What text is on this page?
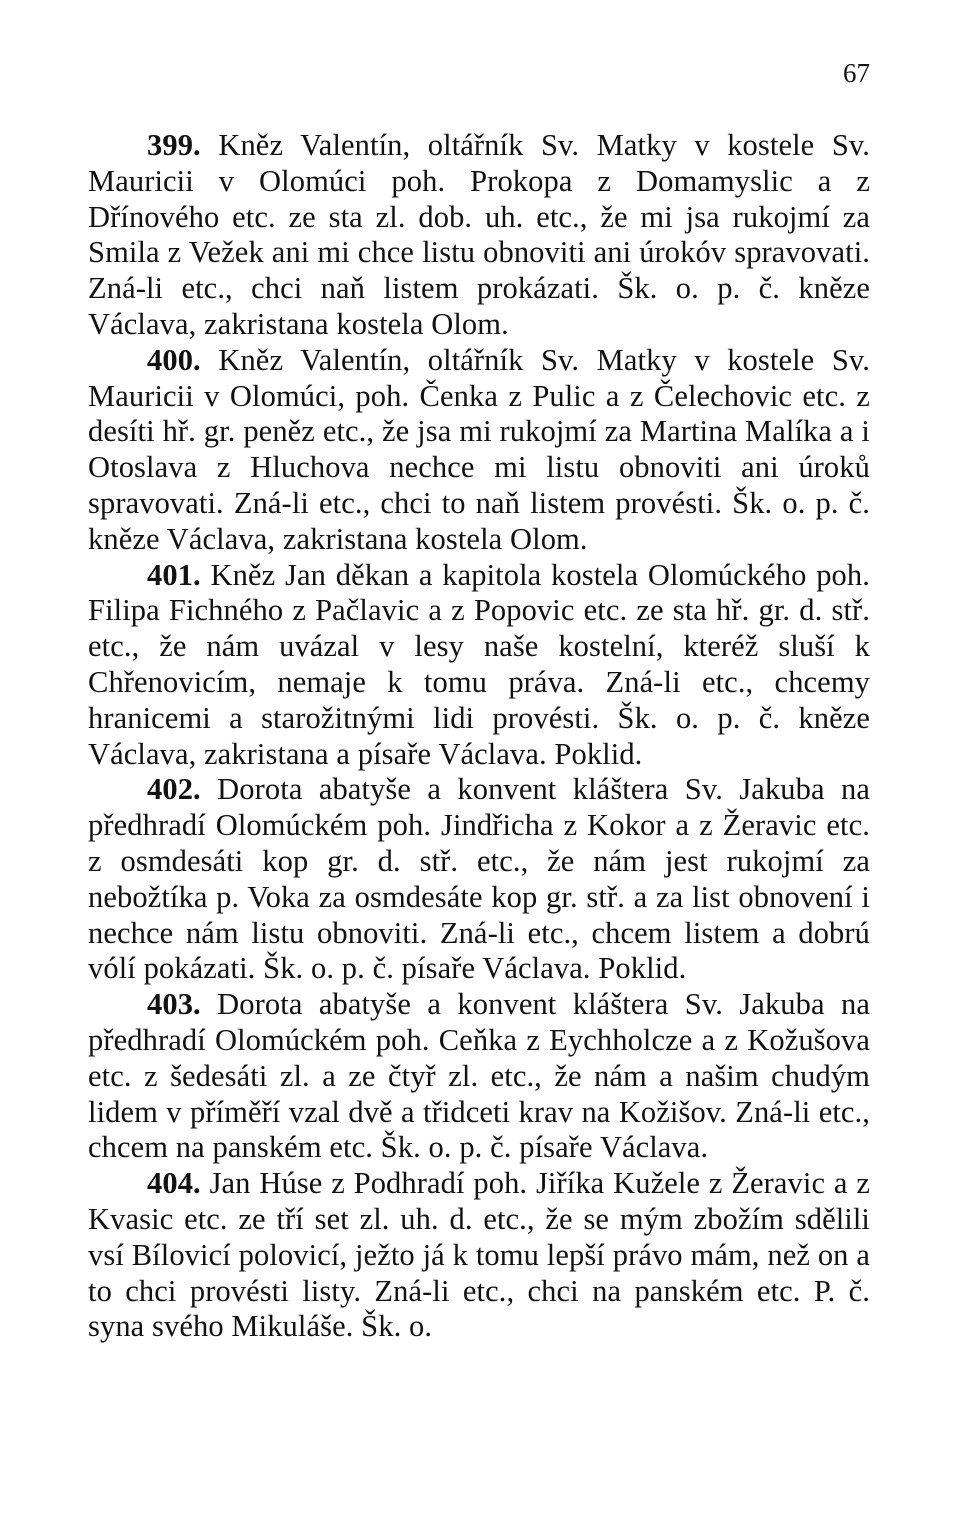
67

399. Kněz Valentín, oltářník Sv. Matky v kostele Sv. Mauricii v Olomúci poh. Prokopa z Domamyslic a z Dřínového etc. ze sta zl. dob. uh. etc., že mi jsa rukojmí za Smila z Vežek ani mi chce listu obnoviti ani úrokóv spravovati. Zná-li etc., chci naň listem prokázati. Šk. o. p. č. kněze Václava, zakristana kostela Olom.

400. Kněz Valentín, oltářník Sv. Matky v kostele Sv. Mauricii v Olomúci, poh. Čenka z Pulic a z Čelechovic etc. z desíti hř. gr. peněz etc., že jsa mi rukojmí za Martina Malíka a i Otoslava z Hluchova nechce mi listu obnoviti ani úroků spravovati. Zná-li etc., chci to naň listem provésti. Šk. o. p. č. kněze Václava, zakristana kostela Olom.

401. Kněz Jan děkan a kapitola kostela Olomúckého poh. Filipa Fichného z Pačlavic a z Popovic etc. ze sta hř. gr. d. stř. etc., že nám uvázal v lesy naše kostelní, kteréž sluší k Chřenovicím, nemaje k tomu práva. Zná-li etc., chcemy hranicemi a starožitnými lidi provésti. Šk. o. p. č. kněze Václava, zakristana a písaře Václava. Poklid.

402. Dorota abatyše a konvent kláštera Sv. Jakuba na předhradí Olomúckém poh. Jindřicha z Kokor a z Žeravic etc. z osmdesáti kop gr. d. stř. etc., že nám jest rukojmí za nebožtíka p. Voka za osmdesáte kop gr. stř. a za list obnovení i nechce nám listu obnoviti. Zná-li etc., chcem listem a dobrú vólí pokázati. Šk. o. p. č. písaře Václava. Poklid.

403. Dorota abatyše a konvent kláštera Sv. Jakuba na předhradí Olomúckém poh. Ceňka z Eychholcze a z Kožušova etc. z šedesáti zl. a ze čtyř zl. etc., že nám a našim chudým lidem v příměří vzal dvě a třidceti krav na Kožišov. Zná-li etc., chcem na panském etc. Šk. o. p. č. písaře Václava.

404. Jan Húse z Podhradí poh. Jiříka Kužele z Žeravic a z Kvasic etc. ze tří set zl. uh. d. etc., že se mým zbožím sdělili vsí Bílovicí polovicí, ježto já k tomu lepší právo mám, než on a to chci provésti listy. Zná-li etc., chci na panském etc. P. č. syna svého Mikuláše. Šk. o.
